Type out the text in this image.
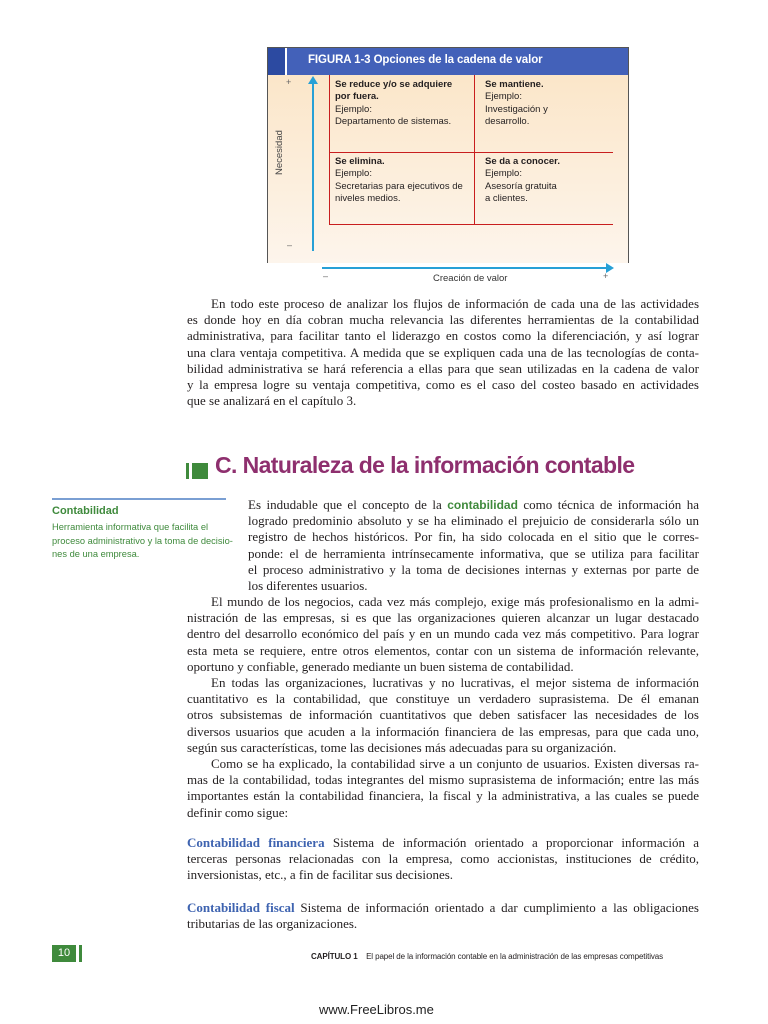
FIGURA 1-3 Opciones de la cadena de valor
+
–
Necesidad
–	+
Creación de valor
Se reduce y/o se adquiere
por fuera.
Ejemplo:
Departamento de sistemas.
Se mantiene.
Ejemplo:
Investigación y
desarrollo.
Se elimina.
Ejemplo:
Secretarias para ejecutivos de
niveles medios.
Se da a conocer.
Ejemplo:
Asesoría gratuita
a clientes.
En todo este proceso de analizar los flujos de información de cada una de las actividades
es donde hoy en día cobran mucha relevancia las diferentes herramientas de la contabilidad
administrativa, para facilitar tanto el liderazgo en costos como la diferenciación, y así lograr
una clara ventaja competitiva. A medida que se expliquen cada una de las tecnologías de conta-
bilidad administrativa se hará referencia a ellas para que sean utilizadas en la cadena de valor
y la empresa logre su ventaja competitiva, como es el caso del costeo basado en actividades
que se analizará en el capítulo 3.
C. Naturaleza de la información contable
Contabilidad
Herramienta informativa que facilita el
proceso administrativo y la toma de decisio-
nes de una empresa.
Es indudable que el concepto de la contabilidad como técnica de información ha
logrado predominio absoluto y se ha eliminado el prejuicio de considerarla sólo un
registro de hechos históricos. Por fin, ha sido colocada en el sitio que le corres-
ponde: el de herramienta intrínsecamente informativa, que se utiliza para facilitar
el proceso administrativo y la toma de decisiones internas y externas por parte de
los diferentes usuarios.
El mundo de los negocios, cada vez más complejo, exige más profesionalismo en la admi-
nistración de las empresas, si es que las organizaciones quieren alcanzar un lugar destacado
dentro del desarrollo económico del país y en un mundo cada vez más competitivo. Para lograr
esta meta se requiere, entre otros elementos, contar con un sistema de información relevante,
oportuno y confiable, generado mediante un buen sistema de contabilidad.
En todas las organizaciones, lucrativas y no lucrativas, el mejor sistema de información
cuantitativo es la contabilidad, que constituye un verdadero suprasistema. De él emanan
otros subsistemas de información cuantitativos que deben satisfacer las necesidades de los
diversos usuarios que acuden a la información financiera de las empresas, para que cada uno,
según sus características, tome las decisiones más adecuadas para su organización.
Como se ha explicado, la contabilidad sirve a un conjunto de usuarios. Existen diversas ra-
mas de la contabilidad, todas integrantes del mismo suprasistema de información; entre las más
importantes están la contabilidad financiera, la fiscal y la administrativa, a las cuales se puede
definir como sigue:
Contabilidad financiera Sistema de información orientado a proporcionar información a
terceras personas relacionadas con la empresa, como accionistas, instituciones de crédito,
inversionistas, etc., a fin de facilitar sus decisiones.
Contabilidad fiscal Sistema de información orientado a dar cumplimiento a las obligaciones
tributarias de las organizaciones.
10	CAPÍTULO 1 El papel de la información contable en la administración de las empresas competitivas
www.FreeLibros.me
